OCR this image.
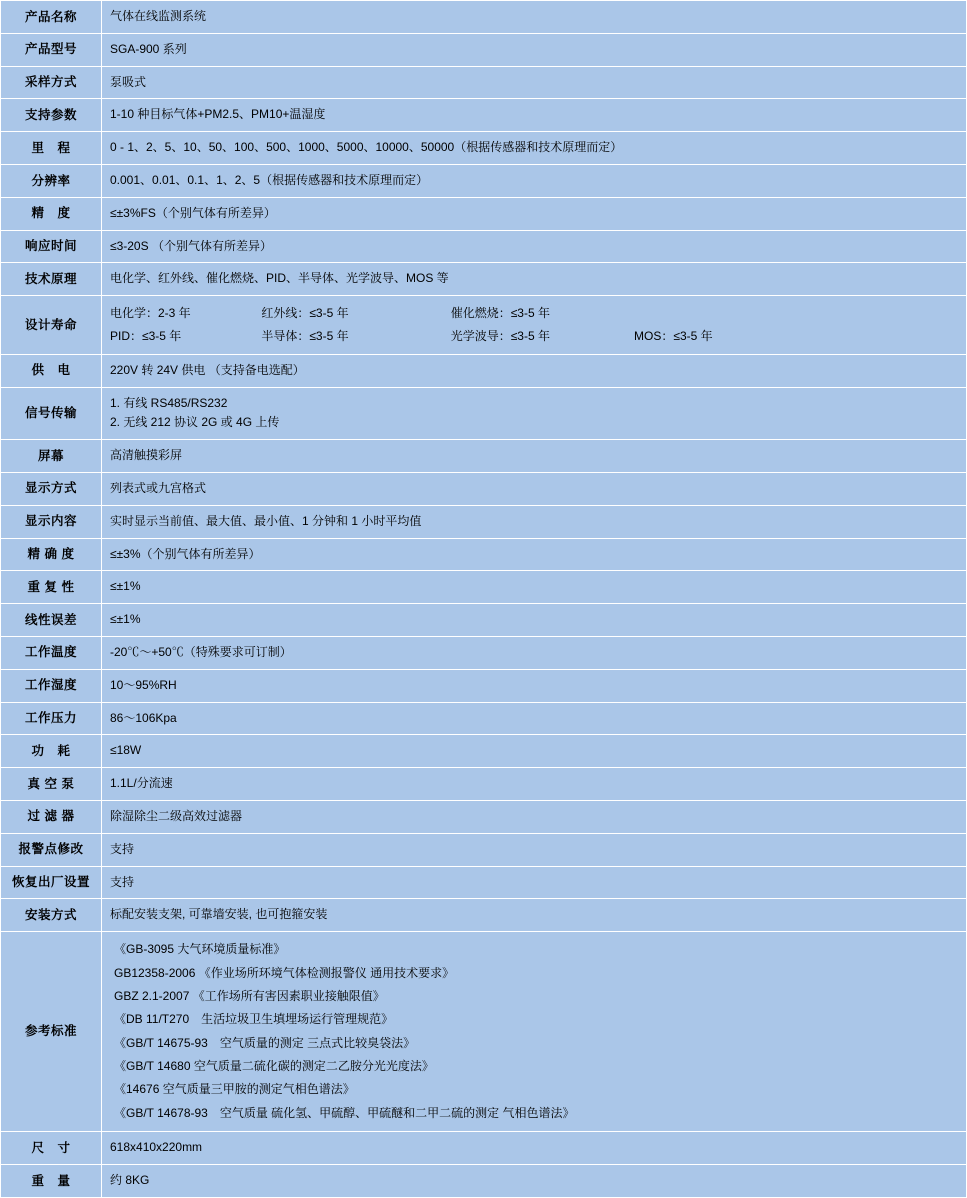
产品名称	气体在线监测系统
产品型号	SGA-900 系列
采样方式	泵吸式
支持参数	1-10 种目标气体+PM2.5、PM10+温湿度
里　程	0 - 1、2、5、10、50、100、500、1000、5000、10000、50000（根据传感器和技术原理而定）
分辨率	0.001、0.01、0.1、1、2、5（根据传感器和技术原理而定）
精　度	≤±3%FS（个别气体有所差异）
响应时间	≤3-20S （个别气体有所差异）
技术原理	电化学、红外线、催化燃烧、PID、半导体、光学波导、MOS 等
设计寿命	电化学：2-3 年 红外线：≤3-5 年 催化燃烧：≤3-5 年
PID：≤3-5 年 半导体：≤3-5 年 光学波导：≤3-5 年 MOS：≤3-5 年

供　电	220V 转 24V 供电 （支持备电选配）
信号传输	1. 有线 RS485/RS232
2. 无线 212 协议 2G 或 4G 上传

屏幕	高清触摸彩屏
显示方式	列表式或九宫格式
显示内容	实时显示当前值、最大值、最小值、1 分钟和 1 小时平均值
精 确 度	≤±3%（个别气体有所差异）
重 复 性	≤±1%
线性误差	≤±1%
工作温度	-20℃～+50℃（特殊要求可订制）
工作湿度	10～95%RH
工作压力	86～106Kpa
功　耗	≤18W
真 空 泵	1.1L/分流速
过 滤 器	除湿除尘二级高效过滤器
报警点修改	支持
恢复出厂设置	支持
安装方式	标配安装支架, 可靠墙安装, 也可抱箍安装
参考标准	
《GB-3095 大气环境质量标准》
GB12358-2006 《作业场所环境气体检测报警仪 通用技术要求》
GBZ 2.1-2007 《工作场所有害因素职业接触限值》
《DB 11/T270　生活垃圾卫生填埋场运行管理规范》
《GB/T 14675-93　空气质量的测定 三点式比较臭袋法》
《GB/T 14680 空气质量二硫化碳的测定二乙胺分光光度法》
《14676 空气质量三甲胺的测定气相色谱法》
《GB/T 14678-93　空气质量 硫化氢、甲硫醇、甲硫醚和二甲二硫的测定 气相色谱法》

尺　寸	618x410x220mm
重　量	约 8KG
